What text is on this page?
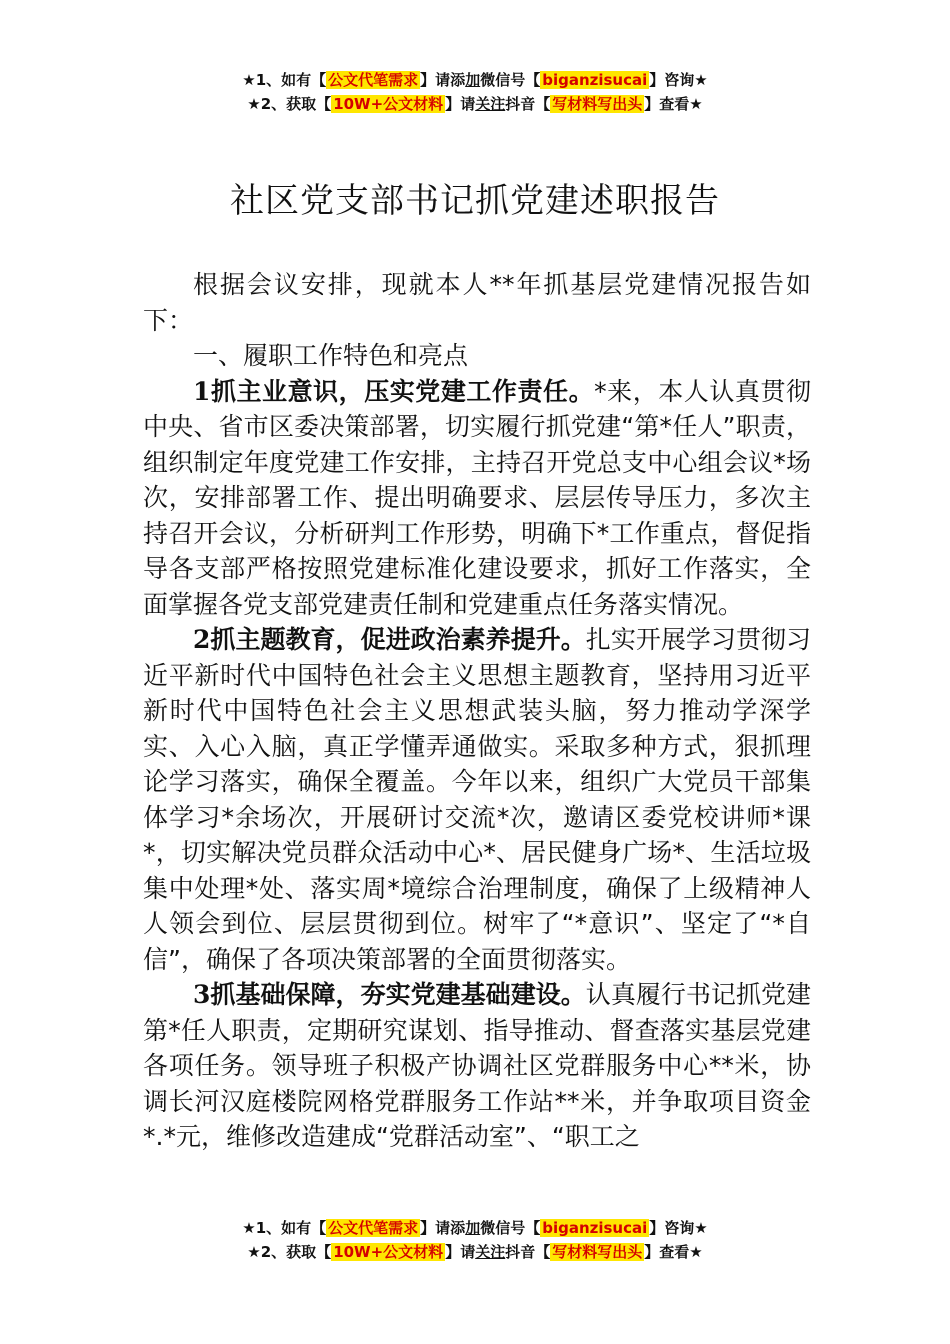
★1、如有【 公文代笔需求 】请添加微信号【 biganzisucai 】咨询★
★2、获取【 10W+公文材料 】请关注抖音【 写材料写出头 】查看★
社区党支部书记抓党建述职报告

根据会议安排，现就本人**年抓基层党建情况报告如下：

一、履职工作特色和亮点

1抓主业意识，压实党建工作责任。*来，本人认真贯彻中央、省市区委决策部署，切实履行抓党建“第*任人”职责，组织制定年度党建工作安排，主持召开党总支中心组会议*场次，安排部署工作、提出明确要求、层层传导压力，多次主持召开会议，分析研判工作形势，明确下*工作重点，督促指导各支部严格按照党建标准化建设要求，抓好工作落实，全面掌握各党支部党建责任制和党建重点任务落实情况。

2抓主题教育，促进政治素养提升。扎实开展学习贯彻习近平新时代中国特色社会主义思想主题教育，坚持用习近平新时代中国特色社会主义思想武装头脑，努力推动学深学实、入心入脑，真正学懂弄通做实。采取多种方式，狠抓理论学习落实，确保全覆盖。今年以来，组织广大党员干部集体学习*余场次，开展研讨交流*次，邀请区委党校讲师*课*，切实解决党员群众活动中心*、居民健身广场*、生活垃圾集中处理*处、落实周*境综合治理制度，确保了上级精神人人领会到位、层层贯彻到位。树牢了“*意识”、坚定了“*自信”，确保了各项决策部署的全面贯彻落实。

3抓基础保障，夯实党建基础建设。认真履行书记抓党建第*任人职责，定期研究谋划、指导推动、督查落实基层党建各项任务。领导班子积极产协调社区党群服务中心**米，协调长河汉庭楼院网格党群服务工作站**米，并争取项目资金*.*元，维修改造建成“党群活动室”、“职工之

★1、如有【 公文代笔需求 】请添加微信号【 biganzisucai 】咨询★
★2、获取【 10W+公文材料 】请关注抖音【 写材料写出头 】查看★
